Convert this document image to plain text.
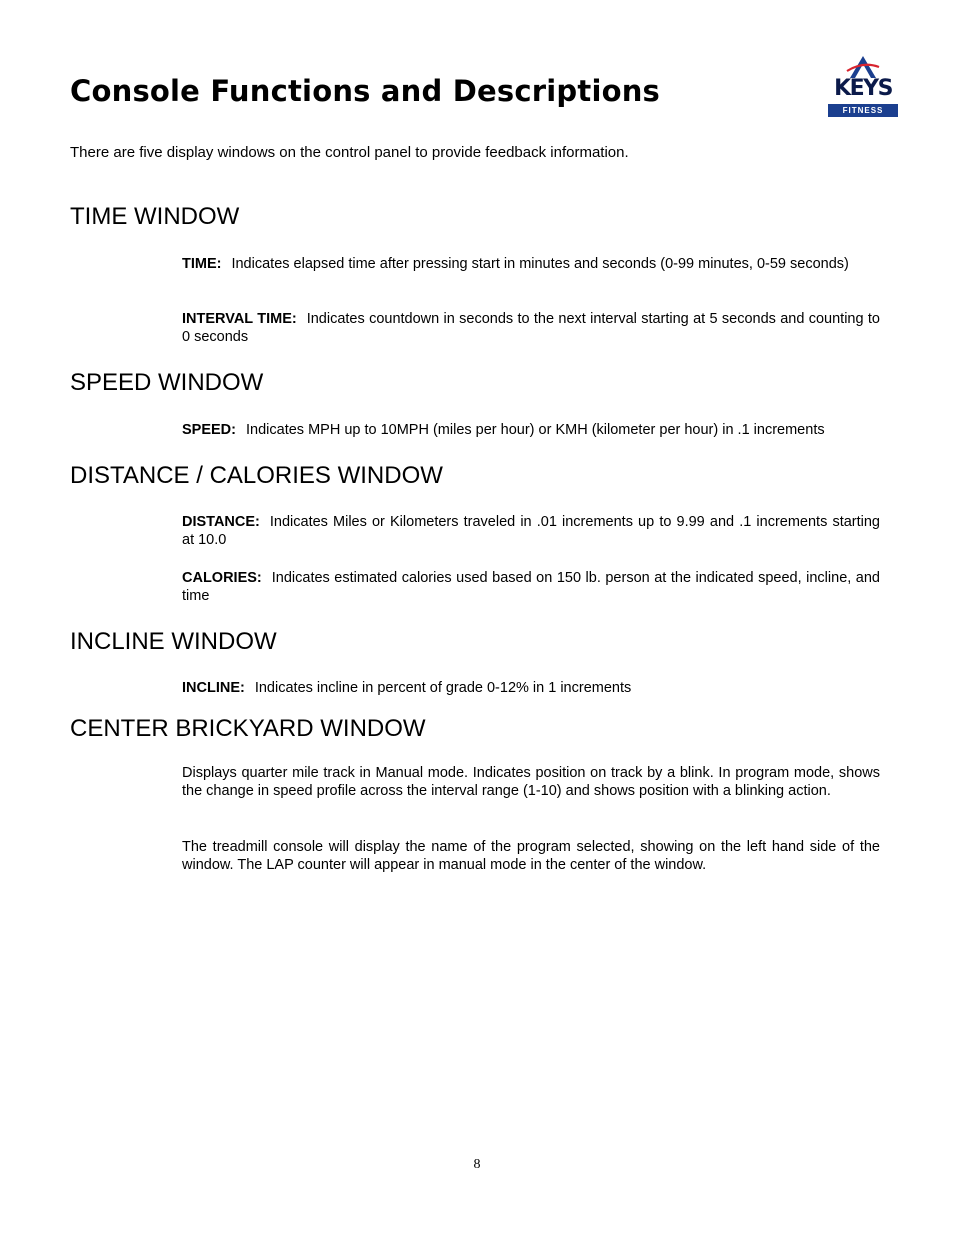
Console Functions and Descriptions	KEYS
FITNESS

There are five display windows on the control panel to provide feedback information.

TIME WINDOW

TIME: Indicates elapsed time after pressing start in minutes and seconds (0-99 minutes, 0-59 seconds)

INTERVAL TIME: Indicates countdown in seconds to the next interval starting at 5 seconds and counting to 0 seconds

SPEED WINDOW

SPEED: Indicates MPH up to 10MPH (miles per hour) or KMH (kilometer per hour) in .1 increments

DISTANCE / CALORIES WINDOW

DISTANCE: Indicates Miles or Kilometers traveled in .01 increments up to 9.99 and .1 increments starting at 10.0

CALORIES: Indicates estimated calories used based on 150 lb. person at the indicated speed, incline, and time

INCLINE WINDOW

INCLINE: Indicates incline in percent of grade 0-12% in 1 increments

CENTER BRICKYARD WINDOW

Displays quarter mile track in Manual mode. Indicates position on track by a blink. In program mode, shows the change in speed profile across the interval range (1-10) and shows position with a blinking action.

The treadmill console will display the name of the program selected, showing on the left hand side of the window. The LAP counter will appear in manual mode in the center of the window.

8
